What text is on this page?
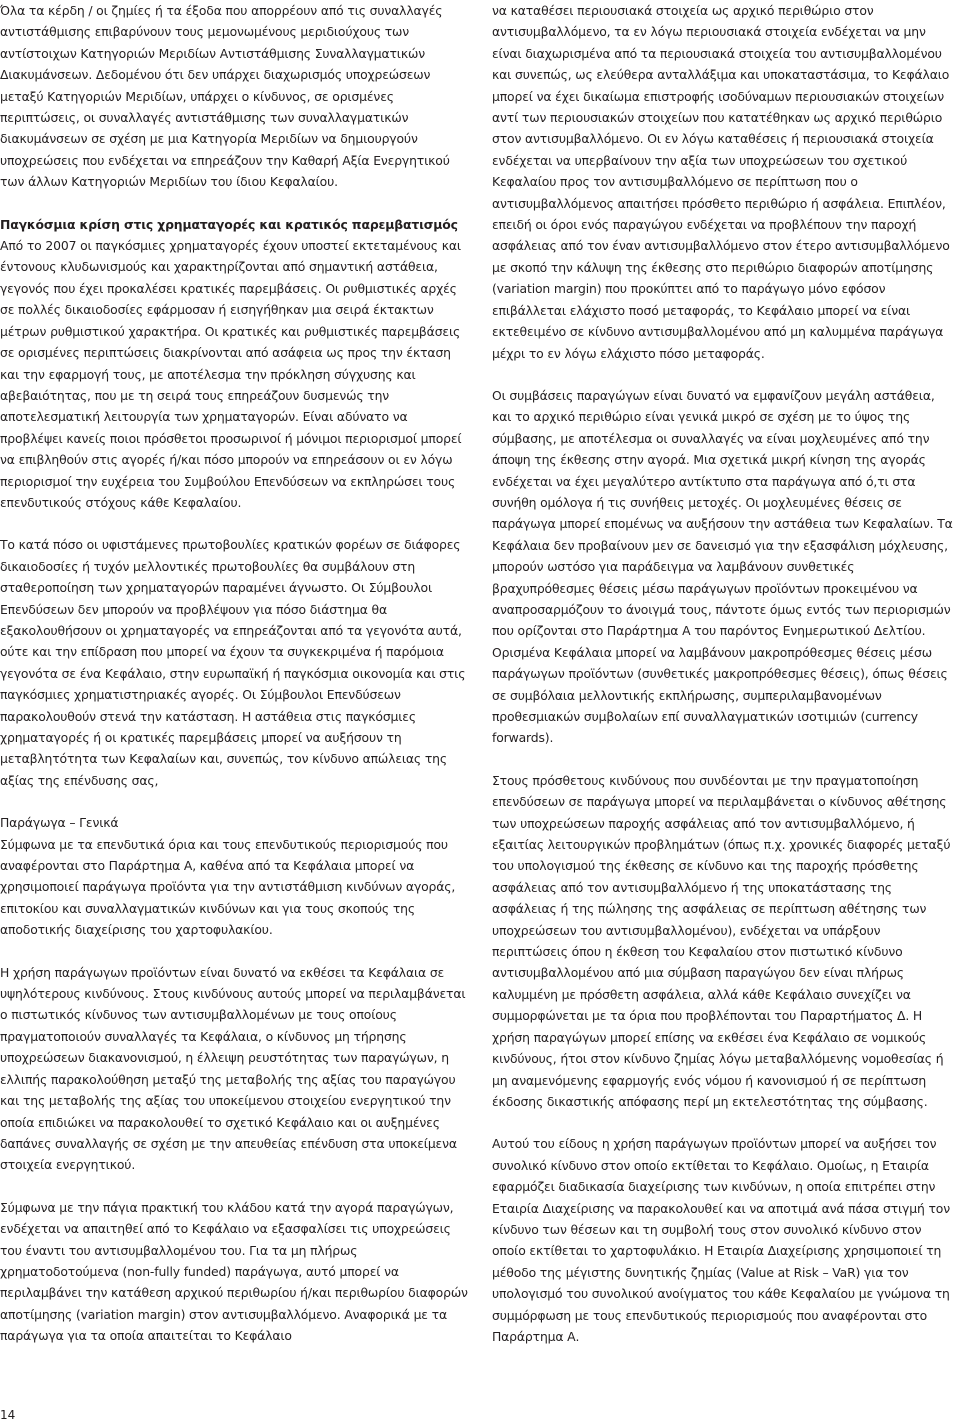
Όλα τα κέρδη / οι ζημίες ή τα έξοδα που απορρέουν από τις συναλλαγές αντιστάθμισης επιβαρύνουν τους μεμονωμένους μεριδιούχους των αντίστοιχων Κατηγοριών Μεριδίων Αντιστάθμισης Συναλλαγματικών Διακυμάνσεων. Δεδομένου ότι δεν υπάρχει διαχωρισμός υποχρεώσεων μεταξύ Κατηγοριών Μεριδίων, υπάρχει ο κίνδυνος, σε ορισμένες περιπτώσεις, οι συναλλαγές αντιστάθμισης των συναλλαγματικών διακυμάνσεων σε σχέση με μια Κατηγορία Μεριδίων να δημιουργούν υποχρεώσεις που ενδέχεται να επηρεάζουν την Καθαρή Αξία Ενεργητικού των άλλων Κατηγοριών Μεριδίων του ίδιου Κεφαλαίου.

Παγκόσμια κρίση στις χρηματαγορές και κρατικός παρεμβατισμός

Από το 2007 οι παγκόσμιες χρηματαγορές έχουν υποστεί εκτεταμένους και έντονους κλυδωνισμούς και χαρακτηρίζονται από σημαντική αστάθεια, γεγονός που έχει προκαλέσει κρατικές παρεμβάσεις. Οι ρυθμιστικές αρχές σε πολλές δικαιοδοσίες εφάρμοσαν ή εισηγήθηκαν μια σειρά έκτακτων μέτρων ρυθμιστικού χαρακτήρα. Οι κρατικές και ρυθμιστικές παρεμβάσεις σε ορισμένες περιπτώσεις διακρίνονται από ασάφεια ως προς την έκταση και την εφαρμογή τους, με αποτέλεσμα την πρόκληση σύγχυσης και αβεβαιότητας, που με τη σειρά τους επηρεάζουν δυσμενώς την αποτελεσματική λειτουργία των χρηματαγορών. Είναι αδύνατο να προβλέψει κανείς ποιοι πρόσθετοι προσωρινοί ή μόνιμοι περιορισμοί μπορεί να επιβληθούν στις αγορές ή/και πόσο μπορούν να επηρεάσουν οι εν λόγω περιορισμοί την ευχέρεια του Συμβούλου Επενδύσεων να εκπληρώσει τους επενδυτικούς στόχους κάθε Κεφαλαίου.

Το κατά πόσο οι υφιστάμενες πρωτοβουλίες κρατικών φορέων σε διάφορες δικαιοδοσίες ή τυχόν μελλοντικές πρωτοβουλίες θα συμβάλουν στη σταθεροποίηση των χρηματαγορών παραμένει άγνωστο. Οι Σύμβουλοι Επενδύσεων δεν μπορούν να προβλέψουν για πόσο διάστημα θα εξακολουθήσουν οι χρηματαγορές να επηρεάζονται από τα γεγονότα αυτά, ούτε και την επίδραση που μπορεί να έχουν τα συγκεκριμένα ή παρόμοια γεγονότα σε ένα Κεφάλαιο, στην ευρωπαϊκή ή παγκόσμια οικονομία και στις παγκόσμιες χρηματιστηριακές αγορές. Οι Σύμβουλοι Επενδύσεων παρακολουθούν στενά την κατάσταση. Η αστάθεια στις παγκόσμιες χρηματαγορές ή οι κρατικές παρεμβάσεις μπορεί να αυξήσουν τη μεταβλητότητα των Κεφαλαίων και, συνεπώς, τον κίνδυνο απώλειας της αξίας της επένδυσης σας,

Παράγωγα – Γενικά

Σύμφωνα με τα επενδυτικά όρια και τους επενδυτικούς περιορισμούς που αναφέρονται στο Παράρτημα Α, καθένα από τα Κεφάλαια μπορεί να χρησιμοποιεί παράγωγα προϊόντα για την αντιστάθμιση κινδύνων αγοράς, επιτοκίου και συναλλαγματικών κινδύνων και για τους σκοπούς της αποδοτικής διαχείρισης του χαρτοφυλακίου.

Η χρήση παράγωγων προϊόντων είναι δυνατό να εκθέσει τα Κεφάλαια σε υψηλότερους κινδύνους. Στους κινδύνους αυτούς μπορεί να περιλαμβάνεται ο πιστωτικός κίνδυνος των αντισυμβαλλομένων με τους οποίους πραγματοποιούν συναλλαγές τα Κεφάλαια, ο κίνδυνος μη τήρησης υποχρεώσεων διακανονισμού, η έλλειψη ρευστότητας των παραγώγων, η ελλιπής παρακολούθηση μεταξύ της μεταβολής της αξίας του παραγώγου και της μεταβολής της αξίας του υποκείμενου στοιχείου ενεργητικού την οποία επιδιώκει να παρακολουθεί το σχετικό Κεφάλαιο και οι αυξημένες δαπάνες συναλλαγής σε σχέση με την απευθείας επένδυση στα υποκείμενα στοιχεία ενεργητικού.

Σύμφωνα με την πάγια πρακτική του κλάδου κατά την αγορά παραγώγων, ενδέχεται να απαιτηθεί από το Κεφάλαιο να εξασφαλίσει τις υποχρεώσεις του έναντι του αντισυμβαλλομένου του. Για τα μη πλήρως χρηματοδοτούμενα (non-fully funded) παράγωγα, αυτό μπορεί να περιλαμβάνει την κατάθεση αρχικού περιθωρίου ή/και περιθωρίου διαφορών αποτίμησης (variation margin) στον αντισυμβαλλόμενο. Αναφορικά με τα παράγωγα για τα οποία απαιτείται το Κεφάλαιο

να καταθέσει περιουσιακά στοιχεία ως αρχικό περιθώριο στον αντισυμβαλλόμενο, τα εν λόγω περιουσιακά στοιχεία ενδέχεται να μην είναι διαχωρισμένα από τα περιουσιακά στοιχεία του αντισυμβαλλομένου και συνεπώς, ως ελεύθερα ανταλλάξιμα και υποκαταστάσιμα, το Κεφάλαιο μπορεί να έχει δικαίωμα επιστροφής ισοδύναμων περιουσιακών στοιχείων αντί των περιουσιακών στοιχείων που κατατέθηκαν ως αρχικό περιθώριο στον αντισυμβαλλόμενο. Οι εν λόγω καταθέσεις ή περιουσιακά στοιχεία ενδέχεται να υπερβαίνουν την αξία των υποχρεώσεων του σχετικού Κεφαλαίου προς τον αντισυμβαλλόμενο σε περίπτωση που ο αντισυμβαλλόμενος απαιτήσει πρόσθετο περιθώριο ή ασφάλεια. Επιπλέον, επειδή οι όροι ενός παραγώγου ενδέχεται να προβλέπουν την παροχή ασφάλειας από τον έναν αντισυμβαλλόμενο στον έτερο αντισυμβαλλόμενο με σκοπό την κάλυψη της έκθεσης στο περιθώριο διαφορών αποτίμησης (variation margin) που προκύπτει από το παράγωγο μόνο εφόσον επιβάλλεται ελάχιστο ποσό μεταφοράς, το Κεφάλαιο μπορεί να είναι εκτεθειμένο σε κίνδυνο αντισυμβαλλομένου από μη καλυμμένα παράγωγα μέχρι το εν λόγω ελάχιστο πόσο μεταφοράς.

Οι συμβάσεις παραγώγων είναι δυνατό να εμφανίζουν μεγάλη αστάθεια, και το αρχικό περιθώριο είναι γενικά μικρό σε σχέση με το ύψος της σύμβασης, με αποτέλεσμα οι συναλλαγές να είναι μοχλευμένες από την άποψη της έκθεσης στην αγορά. Μια σχετικά μικρή κίνηση της αγοράς ενδέχεται να έχει μεγαλύτερο αντίκτυπο στα παράγωγα από ό,τι στα συνήθη ομόλογα ή τις συνήθεις μετοχές. Οι μοχλευμένες θέσεις σε παράγωγα μπορεί επομένως να αυξήσουν την αστάθεια των Κεφαλαίων. Τα Κεφάλαια δεν προβαίνουν μεν σε δανεισμό για την εξασφάλιση μόχλευσης, μπορούν ωστόσο για παράδειγμα να λαμβάνουν συνθετικές βραχυπρόθεσμες θέσεις μέσω παράγωγων προϊόντων προκειμένου να αναπροσαρμόζουν το άνοιγμά τους, πάντοτε όμως εντός των περιορισμών που ορίζονται στο Παράρτημα Α του παρόντος Ενημερωτικού Δελτίου. Ορισμένα Κεφάλαια μπορεί να λαμβάνουν μακροπρόθεσμες θέσεις μέσω παράγωγων προϊόντων (συνθετικές μακροπρόθεσμες θέσεις), όπως θέσεις σε συμβόλαια μελλοντικής εκπλήρωσης, συμπεριλαμβανομένων προθεσμιακών συμβολαίων επί συναλλαγματικών ισοτιμιών (currency forwards).

Στους πρόσθετους κινδύνους που συνδέονται με την πραγματοποίηση επενδύσεων σε παράγωγα μπορεί να περιλαμβάνεται ο κίνδυνος αθέτησης των υποχρεώσεων παροχής ασφάλειας από τον αντισυμβαλλόμενο, ή εξαιτίας λειτουργικών προβλημάτων (όπως π.χ. χρονικές διαφορές μεταξύ του υπολογισμού της έκθεσης σε κίνδυνο και της παροχής πρόσθετης ασφάλειας από τον αντισυμβαλλόμενο ή της υποκατάστασης της ασφάλειας ή της πώλησης της ασφάλειας σε περίπτωση αθέτησης των υποχρεώσεων του αντισυμβαλλομένου), ενδέχεται να υπάρξουν περιπτώσεις όπου η έκθεση του Κεφαλαίου στον πιστωτικό κίνδυνο αντισυμβαλλομένου από μια σύμβαση παραγώγου δεν είναι πλήρως καλυμμένη με πρόσθετη ασφάλεια, αλλά κάθε Κεφάλαιο συνεχίζει να συμμορφώνεται με τα όρια που προβλέπονται του Παραρτήματος Δ. Η χρήση παραγώγων μπορεί επίσης να εκθέσει ένα Κεφάλαιο σε νομικούς κινδύνους, ήτοι στον κίνδυνο ζημίας λόγω μεταβαλλόμενης νομοθεσίας ή μη αναμενόμενης εφαρμογής ενός νόμου ή κανονισμού ή σε περίπτωση έκδοσης δικαστικής απόφασης περί μη εκτελεστότητας της σύμβασης.

Αυτού του είδους η χρήση παράγωγων προϊόντων μπορεί να αυξήσει τον συνολικό κίνδυνο στον οποίο εκτίθεται το Κεφάλαιο. Ομοίως, η Εταιρία εφαρμόζει διαδικασία διαχείρισης των κινδύνων, η οποία επιτρέπει στην Εταιρία Διαχείρισης να παρακολουθεί και να αποτιμά ανά πάσα στιγμή τον κίνδυνο των θέσεων και τη συμβολή τους στον συνολικό κίνδυνο στον οποίο εκτίθεται το χαρτοφυλάκιο. Η Εταιρία Διαχείρισης χρησιμοποιεί τη μέθοδο της μέγιστης δυνητικής ζημίας (Value at Risk – VaR) για τον υπολογισμό του συνολικού ανοίγματος του κάθε Κεφαλαίου με γνώμονα τη συμμόρφωση με τους επενδυτικούς περιορισμούς που αναφέρονται στο Παράρτημα Α.

14
